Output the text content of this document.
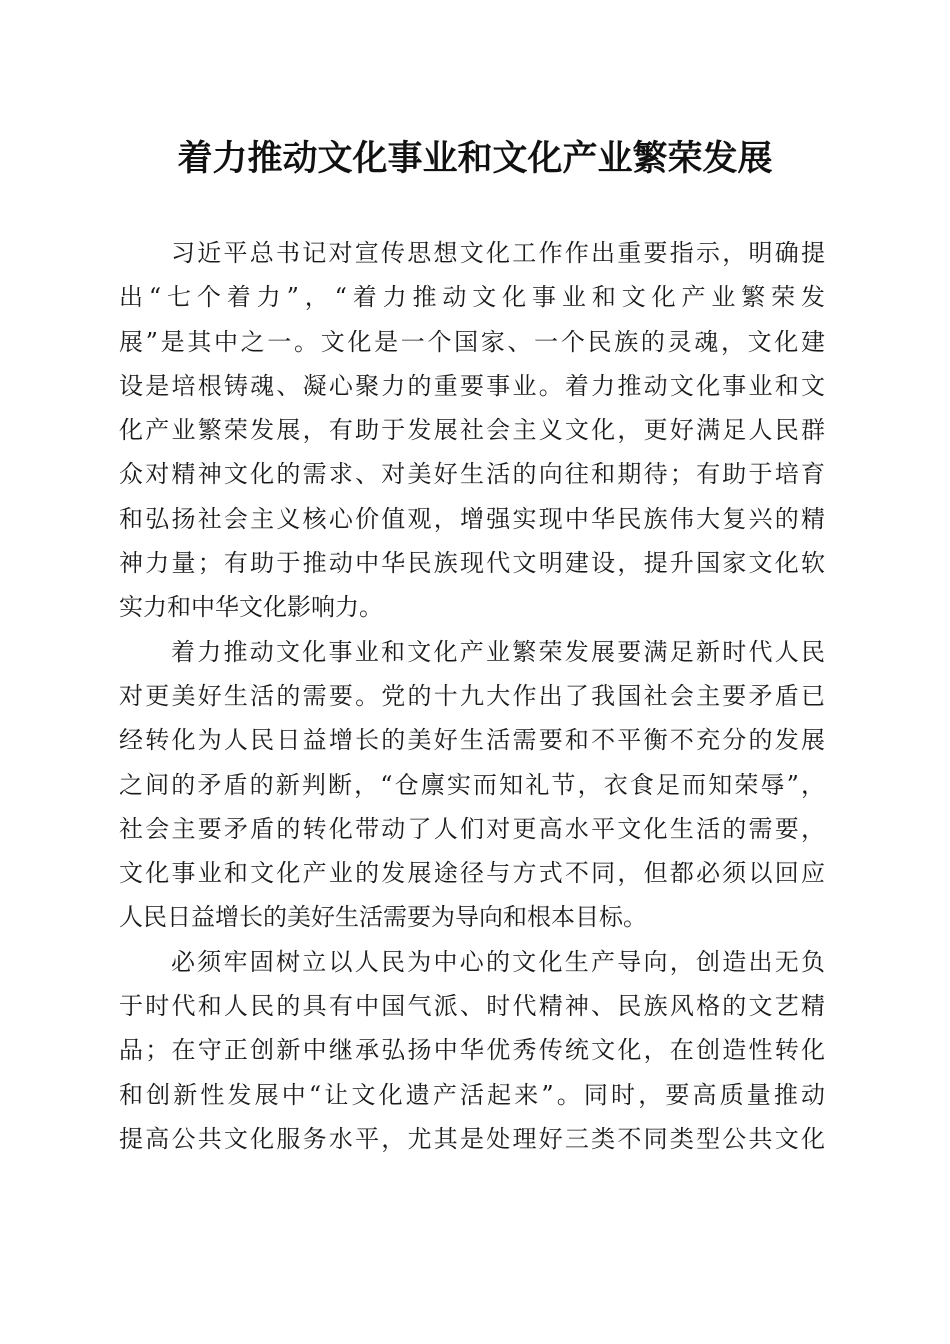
着力推动文化事业和文化产业繁荣发展
习近平总书记对宣传思想文化工作作出重要指示，明确提
出“七个着力”，“着力推动文化事业和文化产业繁荣发
展”是其中之一。文化是一个国家、一个民族的灵魂，文化建
设是培根铸魂、凝心聚力的重要事业。着力推动文化事业和文
化产业繁荣发展，有助于发展社会主义文化，更好满足人民群
众对精神文化的需求、对美好生活的向往和期待；有助于培育
和弘扬社会主义核心价值观，增强实现中华民族伟大复兴的精
神力量；有助于推动中华民族现代文明建设，提升国家文化软
实力和中华文化影响力。
着力推动文化事业和文化产业繁荣发展要满足新时代人民
对更美好生活的需要。党的十九大作出了我国社会主要矛盾已
经转化为人民日益增长的美好生活需要和不平衡不充分的发展
之间的矛盾的新判断，“仓廪实而知礼节，衣食足而知荣辱”，
社会主要矛盾的转化带动了人们对更高水平文化生活的需要，
文化事业和文化产业的发展途径与方式不同，但都必须以回应
人民日益增长的美好生活需要为导向和根本目标。
必须牢固树立以人民为中心的文化生产导向，创造出无负
于时代和人民的具有中国气派、时代精神、民族风格的文艺精
品；在守正创新中继承弘扬中华优秀传统文化，在创造性转化
和创新性发展中“让文化遗产活起来”。同时，要高质量推动
提高公共文化服务水平，尤其是处理好三类不同类型公共文化
